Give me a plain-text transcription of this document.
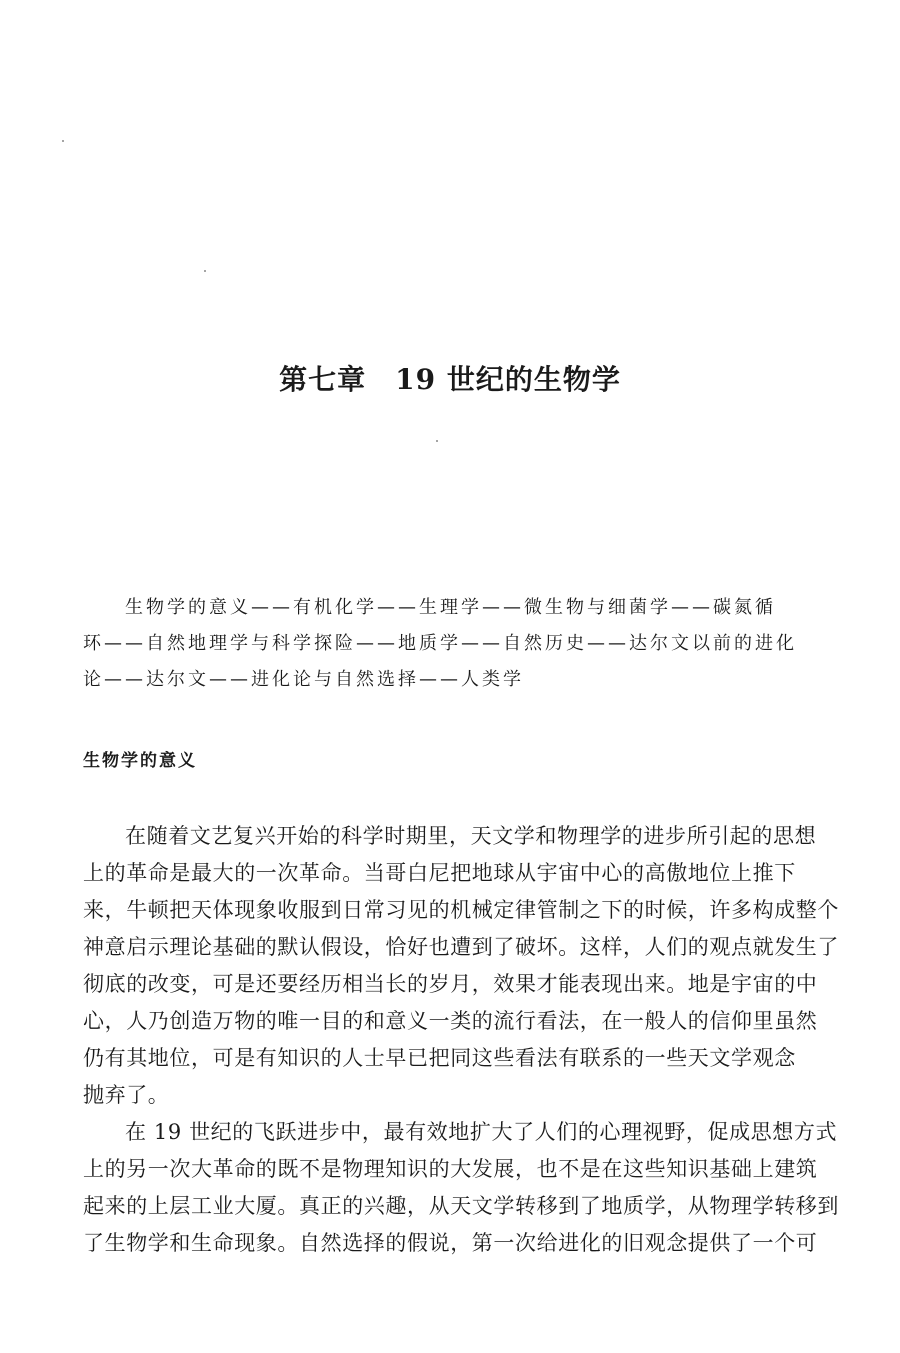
第七章　19 世纪的生物学
生物学的意义——有机化学——生理学——微生物与细菌学——碳氮循
环——自然地理学与科学探险——地质学——自然历史——达尔文以前的进化
论——达尔文——进化论与自然选择——人类学
生物学的意义
在随着文艺复兴开始的科学时期里，天文学和物理学的进步所引起的思想
上的革命是最大的一次革命。当哥白尼把地球从宇宙中心的高傲地位上推下
来，牛顿把天体现象收服到日常习见的机械定律管制之下的时候，许多构成整个
神意启示理论基础的默认假设，恰好也遭到了破坏。这样，人们的观点就发生了
彻底的改变，可是还要经历相当长的岁月，效果才能表现出来。地是宇宙的中
心，人乃创造万物的唯一目的和意义一类的流行看法，在一般人的信仰里虽然
仍有其地位，可是有知识的人士早已把同这些看法有联系的一些天文学观念
抛弃了。
在 19 世纪的飞跃进步中，最有效地扩大了人们的心理视野，促成思想方式
上的另一次大革命的既不是物理知识的大发展，也不是在这些知识基础上建筑
起来的上层工业大厦。真正的兴趣，从天文学转移到了地质学，从物理学转移到
了生物学和生命现象。自然选择的假说，第一次给进化的旧观念提供了一个可
